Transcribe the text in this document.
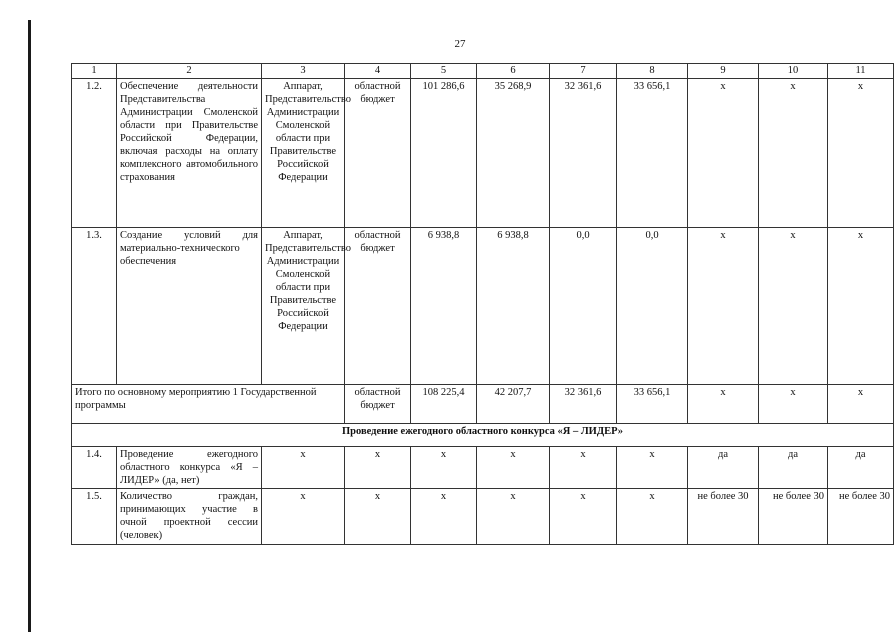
27
1	2	3	4	5	6	7	8	9	10	11
1.2.	Обеспечение деятельности Представительства Администрации Смоленской области при Правительстве Российской Федерации, включая расходы на оплату комплексного автомобильного страхования	Аппарат, Представительство Администрации Смоленской области при Правительстве Российской Федерации	областной бюджет	101 286,6	35 268,9	32 361,6	33 656,1	х	х	х
1.3.	Создание условий для материально-технического обеспечения	Аппарат, Представительство Администрации Смоленской области при Правительстве Российской Федерации	областной бюджет	6 938,8	6 938,8	0,0	0,0	х	х	х
Итого по основному мероприятию 1 Государственной программы			областной бюджет	108 225,4	42 207,7	32 361,6	33 656,1	х	х	х
Проведение ежегодного областного конкурса «Я – ЛИДЕР»										
1.4.	Проведение ежегодного областного конкурса «Я – ЛИДЕР» (да, нет)	х	х	х	х	х	х	да	да	да
1.5.	Количество граждан, принимающих участие в очной проектной сессии (человек)	х	х	х	х	х	х	не более 30	не более 30	не более 30
